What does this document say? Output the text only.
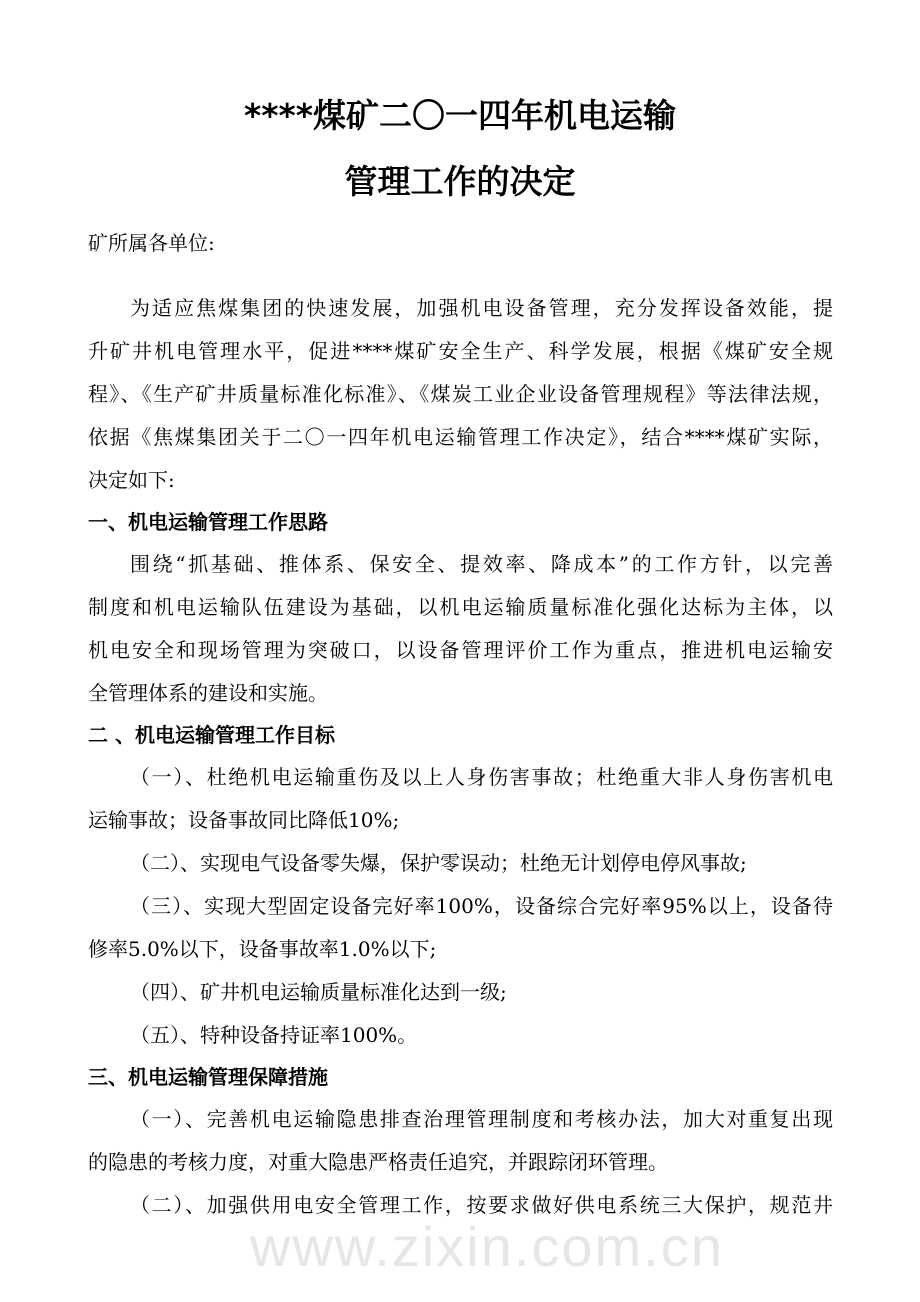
****煤矿二〇一四年机电运输
管理工作的决定
www.zixin.com.cn
矿所属各单位:
为适应焦煤集团的快速发展，加强机电设备管理，充分发挥设备效能，提
升矿井机电管理水平，促进****煤矿安全生产、科学发展，根据《煤矿安全规
程》、《生产矿井质量标准化标准》、《煤炭工业企业设备管理规程》等法律法规，
依据《焦煤集团关于二〇一四年机电运输管理工作决定》，结合****煤矿实际，
决定如下:
一、机电运输管理工作思路
围绕“抓基础、推体系、保安全、提效率、降成本”的工作方针，以完善
制度和机电运输队伍建设为基础，以机电运输质量标准化强化达标为主体，以
机电安全和现场管理为突破口，以设备管理评价工作为重点，推进机电运输安
全管理体系的建设和实施。
二 、机电运输管理工作目标
（一）、杜绝机电运输重伤及以上人身伤害事故；杜绝重大非人身伤害机电
运输事故；设备事故同比降低10%;
（二）、实现电气设备零失爆，保护零误动；杜绝无计划停电停风事故;
（三）、实现大型固定设备完好率100%，设备综合完好率95%以上，设备待
修率5.0%以下，设备事故率1.0%以下;
（四）、矿井机电运输质量标准化达到一级;
（五）、特种设备持证率100%。
三、机电运输管理保障措施
（一）、完善机电运输隐患排查治理管理制度和考核办法，加大对重复出现
的隐患的考核力度，对重大隐患严格责任追究，并跟踪闭环管理。
（二）、加强供用电安全管理工作，按要求做好供电系统三大保护，规范井
